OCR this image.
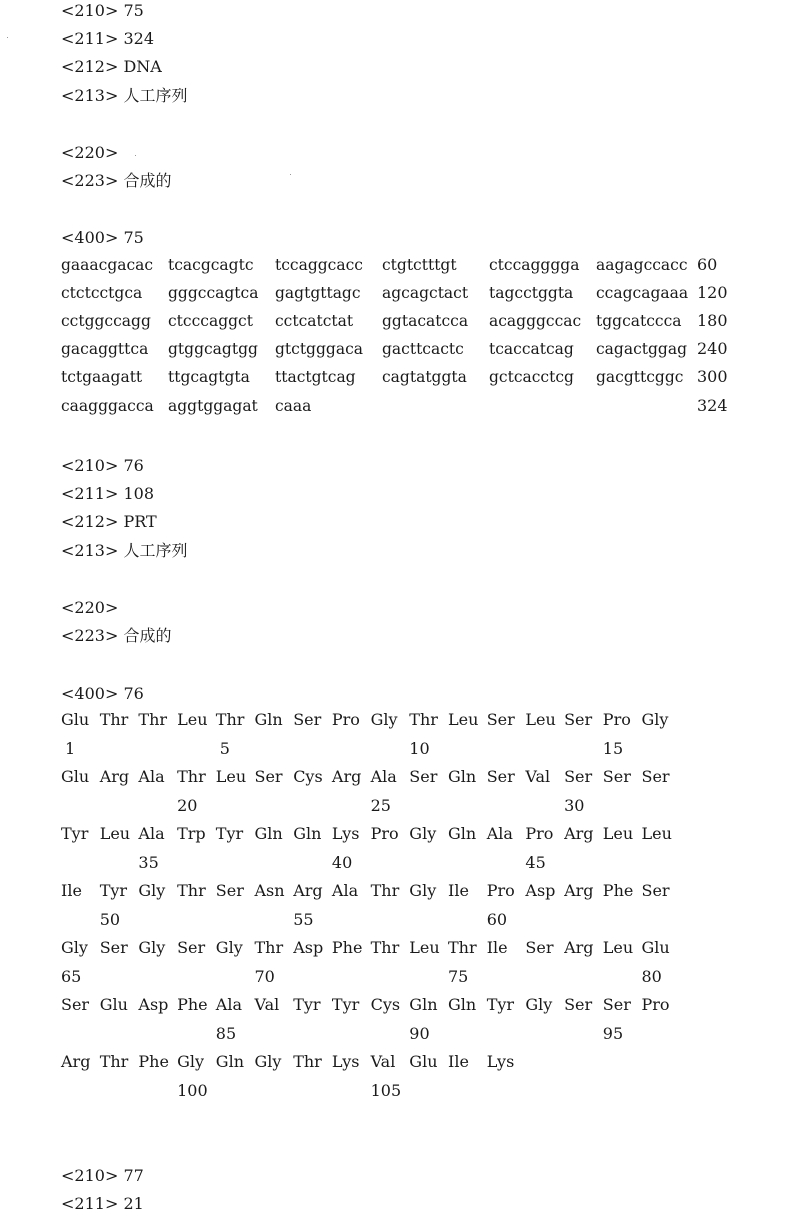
<210> 75
<211> 324
<212> DNA
<213> 人工序列
<220>
<223> 合成的
<400> 75
gaaacgacac tcacgcagtc tccaggcacc ctgtctttgt ctccagggga aagagccacc 60
ctctcctgca gggccagtca gagtgttagc agcagctact tagcctggta ccagcagaaa 120
cctggccagg ctcccaggct cctcatctat ggtacatcca acagggccac tggcatccca 180
gacaggttca gtggcagtgg gtctgggaca gacttcactc tcaccatcag cagactggag 240
tctgaagatt ttgcagtgta ttactgtcag cagtatggta gctcacctcg gacgttcggc 300
caagggacca aggtggagat caaa	324
<210> 76
<211> 108
<212> PRT
<213> 人工序列
<220>
<223> 合成的
<400> 76
Glu Thr Thr Leu Thr Gln Ser Pro Gly Thr Leu Ser Leu Ser Pro Gly
1	5	10	15
Glu Arg Ala Thr Leu Ser Cys Arg Ala Ser Gln Ser Val Ser Ser Ser
20	25	30
Tyr Leu Ala Trp Tyr Gln Gln Lys Pro Gly Gln Ala Pro Arg Leu Leu
35	40	45
Ile Tyr Gly Thr Ser Asn Arg Ala Thr Gly Ile Pro Asp Arg Phe Ser
50	55	60
Gly Ser Gly Ser Gly Thr Asp Phe Thr Leu Thr Ile Ser Arg Leu Glu
65	70	75	80
Ser Glu Asp Phe Ala Val Tyr Tyr Cys Gln Gln Tyr Gly Ser Ser Pro
85	90	95
Arg Thr Phe Gly Gln Gly Thr Lys Val Glu Ile Lys
100	105
<210> 77
<211> 21
